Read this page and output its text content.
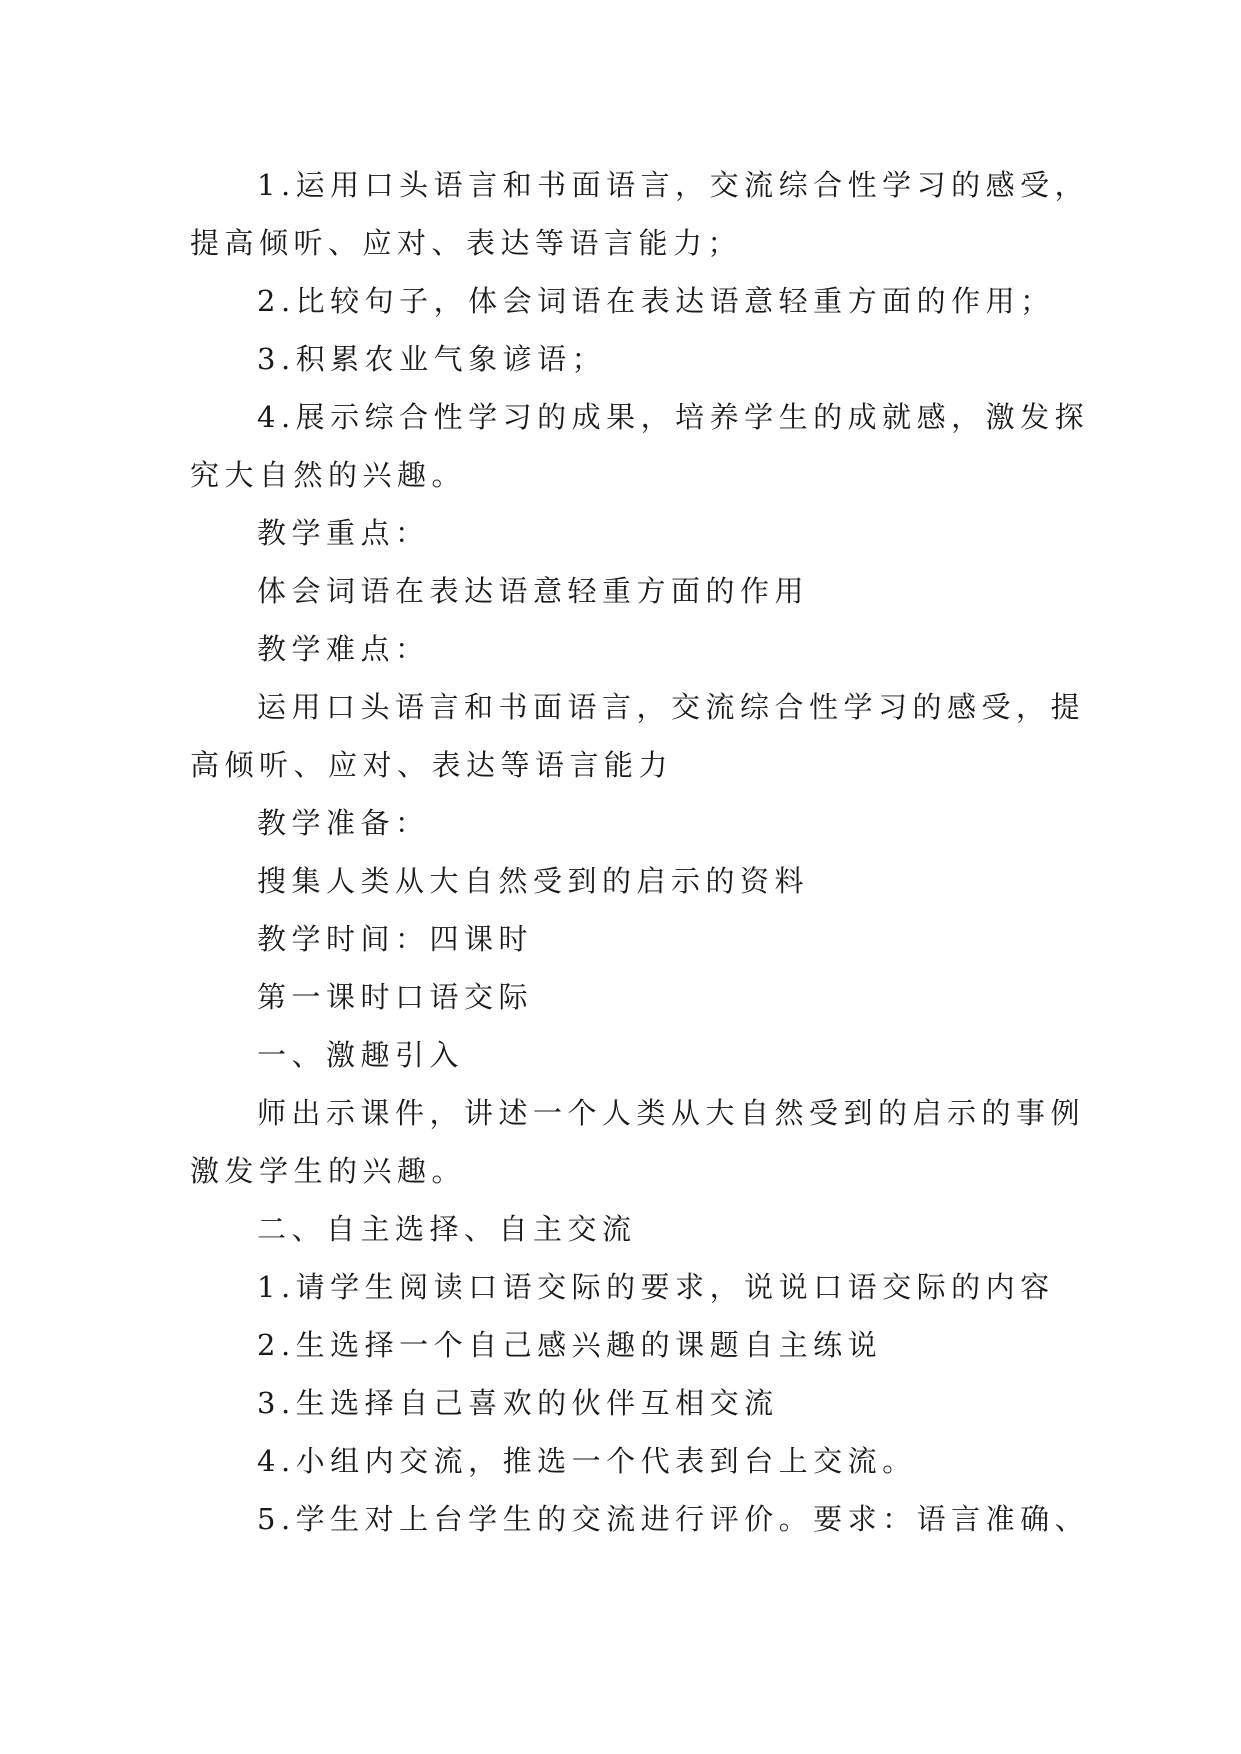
1.运用口头语言和书面语言，交流综合性学习的感受，
提高倾听、应对、表达等语言能力；
2.比较句子，体会词语在表达语意轻重方面的作用；
3.积累农业气象谚语；
4.展示综合性学习的成果，培养学生的成就感，激发探
究大自然的兴趣。
教学重点：
体会词语在表达语意轻重方面的作用
教学难点：
运用口头语言和书面语言，交流综合性学习的感受，提
高倾听、应对、表达等语言能力
教学准备：
搜集人类从大自然受到的启示的资料
教学时间：四课时
第一课时口语交际
一、激趣引入
师出示课件，讲述一个人类从大自然受到的启示的事例
激发学生的兴趣。
二、自主选择、自主交流
1.请学生阅读口语交际的要求，说说口语交际的内容
2.生选择一个自己感兴趣的课题自主练说
3.生选择自己喜欢的伙伴互相交流
4.小组内交流，推选一个代表到台上交流。
5.学生对上台学生的交流进行评价。要求：语言准确、
